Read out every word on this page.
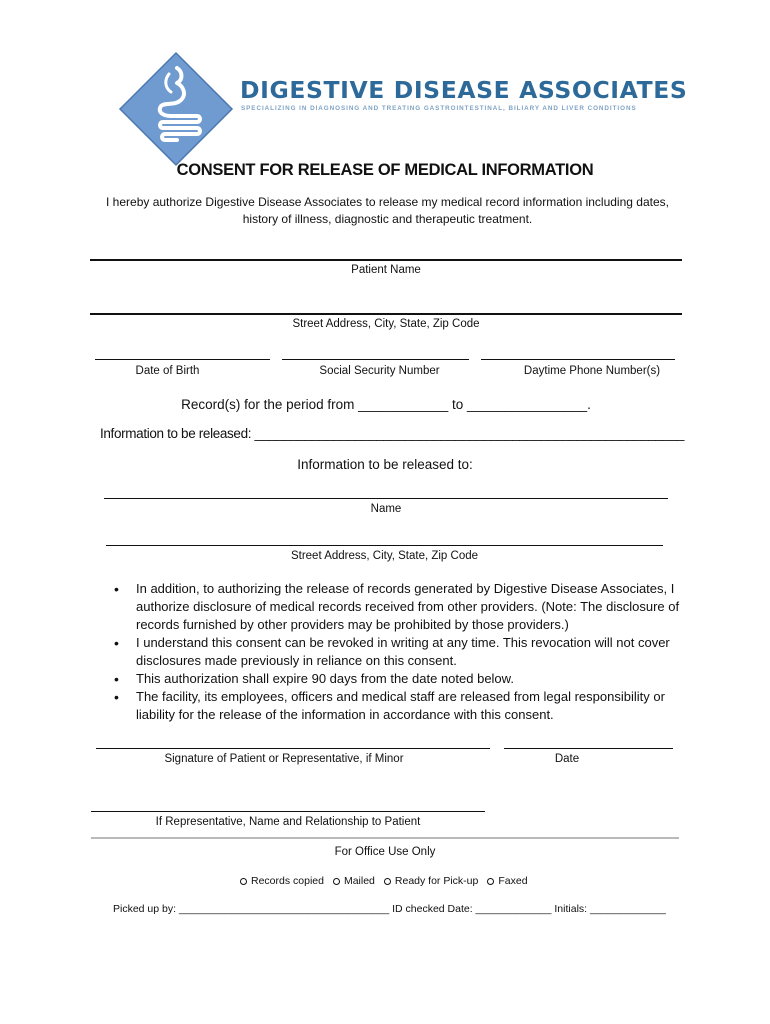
DIGESTIVE DISEASE ASSOCIATES
SPECIALIZING IN DIAGNOSING AND TREATING GASTROINTESTINAL, BILIARY AND LIVER CONDITIONS
CONSENT FOR RELEASE OF MEDICAL INFORMATION
I hereby authorize Digestive Disease Associates to release my medical record information including dates, history of illness, diagnostic and therapeutic treatment.
Patient Name
Street Address, City, State, Zip Code
Date of Birth	Social Security Number	Daytime Phone Number(s)
Record(s) for the period from ____________ to ________________.
Information to be released: ____________________________________________________________
Information to be released to:
Name
Street Address, City, State, Zip Code
• In addition, to authorizing the release of records generated by Digestive Disease Associates, I authorize disclosure of medical records received from other providers. (Note: The disclosure of records furnished by other providers may be prohibited by those providers.)
• I understand this consent can be revoked in writing at any time. This revocation will not cover disclosures made previously in reliance on this consent.
• This authorization shall expire 90 days from the date noted below.
• The facility, its employees, officers and medical staff are released from legal responsibility or liability for the release of the information in accordance with this consent.
Signature of Patient or Representative, if Minor	Date
If Representative, Name and Relationship to Patient
For Office Use Only
Records copied Mailed Ready for Pick-up Faxed
Picked up by: ____________________________________ ID checked Date: _____________ Initials: _____________
